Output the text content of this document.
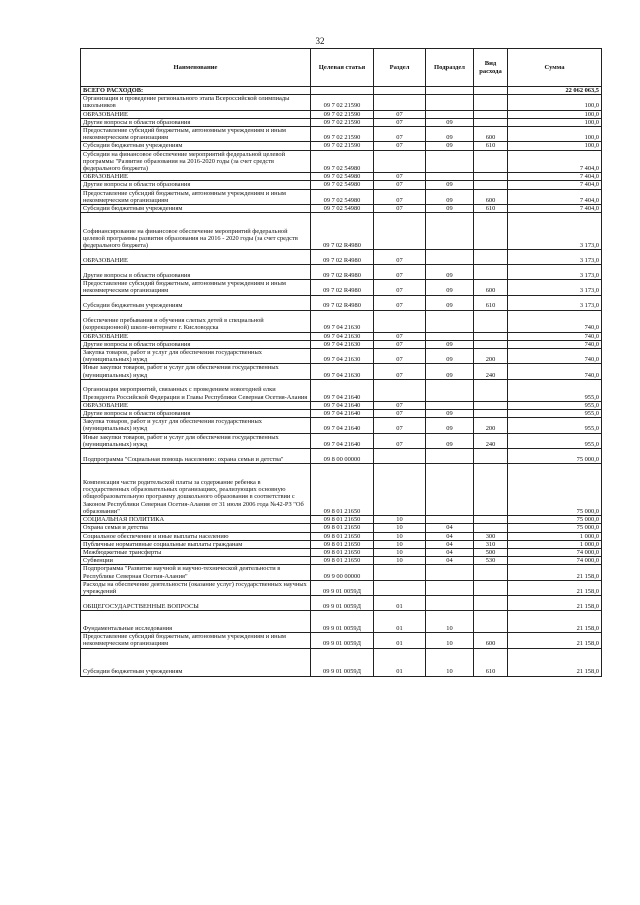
32
Наименование	Целевая статья	Раздел	Подраздел	Вид расхода	Сумма
ВСЕГО РАСХОДОВ:					22 062 063,5
Организация и проведение регионального этапа Всероссийской олимпиады школьников	09 7 02 21590				100,0
ОБРАЗОВАНИЕ	09 7 02 21590	07			100,0
Другие вопросы в области образования	09 7 02 21590	07	09		100,0
Предоставление субсидий бюджетным, автономным учреждениям и иным некоммерческим организациям	09 7 02 21590	07	09	600	100,0
Субсидии бюджетным учреждениям	09 7 02 21590	07	09	610	100,0
Субсидии на финансовое обеспечение мероприятий федеральной целевой программы "Развитие образования на 2016-2020 годы (за счет средств федерального бюджета)	09 7 02 54980				7 404,0
ОБРАЗОВАНИЕ	09 7 02 54980	07			7 404,0
Другие вопросы в области образования	09 7 02 54980	07	09		7 404,0
Предоставление субсидий бюджетным, автономным учреждениям и иным некоммерческим организациям	09 7 02 54980	07	09	600	7 404,0
Субсидии бюджетным учреждениям	09 7 02 54980	07	09	610	7 404,0
Софинансирование на финансовое обеспечение мероприятий федеральной целевой программы развития образования на 2016 - 2020 годы (за счет средств федерального бюджета)	09 7 02 R4980				3 173,0
ОБРАЗОВАНИЕ	09 7 02 R4980	07			3 173,0
Другие вопросы в области образования	09 7 02 R4980	07	09		3 173,0
Предоставление субсидий бюджетным, автономным учреждениям и иным некоммерческим организациям	09 7 02 R4980	07	09	600	3 173,0
Субсидии бюджетным учреждениям	09 7 02 R4980	07	09	610	3 173,0
Обеспечение пребывания и обучения слепых детей в специальной (коррекционной) школе-интернате г. Кисловодска	09 7 04 21630				740,0
ОБРАЗОВАНИЕ	09 7 04 21630	07			740,0
Другие вопросы в области образования	09 7 04 21630	07	09		740,0
Закупка товаров, работ и услуг для обеспечения государственных (муниципальных) нужд	09 7 04 21630	07	09	200	740,0
Иные закупки товаров, работ и услуг для обеспечения государственных (муниципальных) нужд	09 7 04 21630	07	09	240	740,0
Организация мероприятий, связанных с проведением новогодней елки Президента Российской Федерации и Главы Республики Северная Осетия-Алания	09 7 04 21640				955,0
ОБРАЗОВАНИЕ	09 7 04 21640	07			955,0
Другие вопросы в области образования	09 7 04 21640	07	09		955,0
Закупка товаров, работ и услуг для обеспечения государственных (муниципальных) нужд	09 7 04 21640	07	09	200	955,0
Иные закупки товаров, работ и услуг для обеспечения государственных (муниципальных) нужд	09 7 04 21640	07	09	240	955,0
Подпрограмма "Социальная помощь населению: охрана семьи и детства"	09 8 00 00000				75 000,0
Компенсация части родительской платы за содержание ребенка в государственных образовательных организациях, реализующих основную общеобразовательную программу дошкольного образования в соответствии с Законом Республики Северная Осетия-Алания от 31 июля 2006 года №42-РЗ "Об образовании"	09 8 01 21650				75 000,0
СОЦИАЛЬНАЯ ПОЛИТИКА	09 8 01 21650	10			75 000,0
Охрана семьи и детства	09 8 01 21650	10	04		75 000,0
Социальное обеспечение и иные выплаты населению	09 8 01 21650	10	04	300	1 000,0
Публичные нормативные социальные выплаты гражданам	09 8 01 21650	10	04	310	1 000,0
Межбюджетные трансферты	09 8 01 21650	10	04	500	74 000,0
Субвенции	09 8 01 21650	10	04	530	74 000,0
Подпрограмма "Развитие научной и научно-технической деятельности в Республике Северная Осетия-Алания"	09 9 00 00000				21 158,0
Расходы на обеспечение деятельности (оказание услуг) государственных научных учреждений	09 9 01 0059Д				21 158,0
ОБЩЕГОСУДАРСТВЕННЫЕ ВОПРОСЫ	09 9 01 0059Д	01			21 158,0
Фундаментальные исследования	09 9 01 0059Д	01	10		21 158,0
Предоставление субсидий бюджетным, автономным учреждениям и иным некоммерческим организациям	09 9 01 0059Д	01	10	600	21 158,0
Субсидии бюджетным учреждениям	09 9 01 0059Д	01	10	610	21 158,0
